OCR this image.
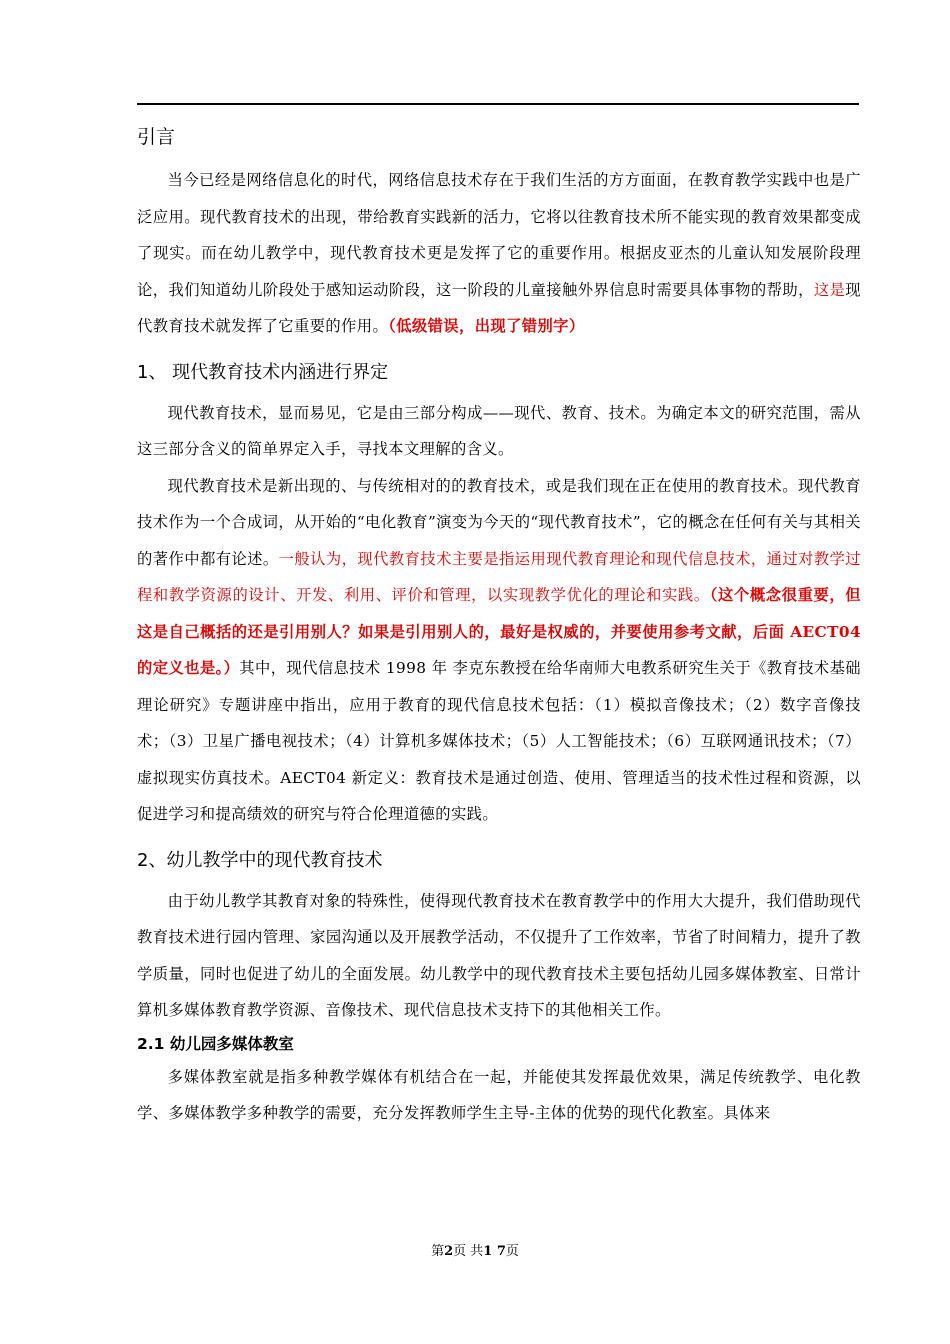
引言

当今已经是网络信息化的时代，网络信息技术存在于我们生活的方方面面，在教育教学实践中也是广泛应用。现代教育技术的出现，带给教育实践新的活力，它将以往教育技术所不能实现的教育效果都变成了现实。而在幼儿教学中，现代教育技术更是发挥了它的重要作用。根据皮亚杰的儿童认知发展阶段理论，我们知道幼儿阶段处于感知运动阶段，这一阶段的儿童接触外界信息时需要具体事物的帮助，这是现代教育技术就发挥了它重要的作用。（低级错误，出现了错别字）

1、 现代教育技术内涵进行界定

现代教育技术，显而易见，它是由三部分构成——现代、教育、技术。为确定本文的研究范围，需从这三部分含义的简单界定入手，寻找本文理解的含义。

现代教育技术是新出现的、与传统相对的的教育技术，或是我们现在正在使用的教育技术。现代教育技术作为一个合成词，从开始的“电化教育”演变为今天的“现代教育技术”，它的概念在任何有关与其相关的著作中都有论述。一般认为，现代教育技术主要是指运用现代教育理论和现代信息技术，通过对教学过程和教学资源的设计、开发、利用、评价和管理，以实现教学优化的理论和实践。（这个概念很重要，但这是自己概括的还是引用别人？如果是引用别人的，最好是权威的，并要使用参考文献，后面 AECT04 的定义也是。）其中，现代信息技术 1998 年 李克东教授在给华南师大电教系研究生关于《教育技术基础理论研究》专题讲座中指出，应用于教育的现代信息技术包括：（1）模拟音像技术；（2）数字音像技术；（3）卫星广播电视技术；（4）计算机多媒体技术；（5）人工智能技术；（6）互联网通讯技术；（7）虚拟现实仿真技术。AECT04 新定义：教育技术是通过创造、使用、管理适当的技术性过程和资源，以促进学习和提高绩效的研究与符合伦理道德的实践。

2、幼儿教学中的现代教育技术

由于幼儿教学其教育对象的特殊性，使得现代教育技术在教育教学中的作用大大提升，我们借助现代教育技术进行园内管理、家园沟通以及开展教学活动，不仅提升了工作效率，节省了时间精力，提升了教学质量，同时也促进了幼儿的全面发展。幼儿教学中的现代教育技术主要包括幼儿园多媒体教室、日常计算机多媒体教育教学资源、音像技术、现代信息技术支持下的其他相关工作。

2.1 幼儿园多媒体教室

多媒体教室就是指多种教学媒体有机结合在一起，并能使其发挥最优效果，满足传统教学、电化教学、多媒体教学多种教学的需要，充分发挥教师学生主导-主体的优势的现代化教室。具体来

第2页 共1 7页
